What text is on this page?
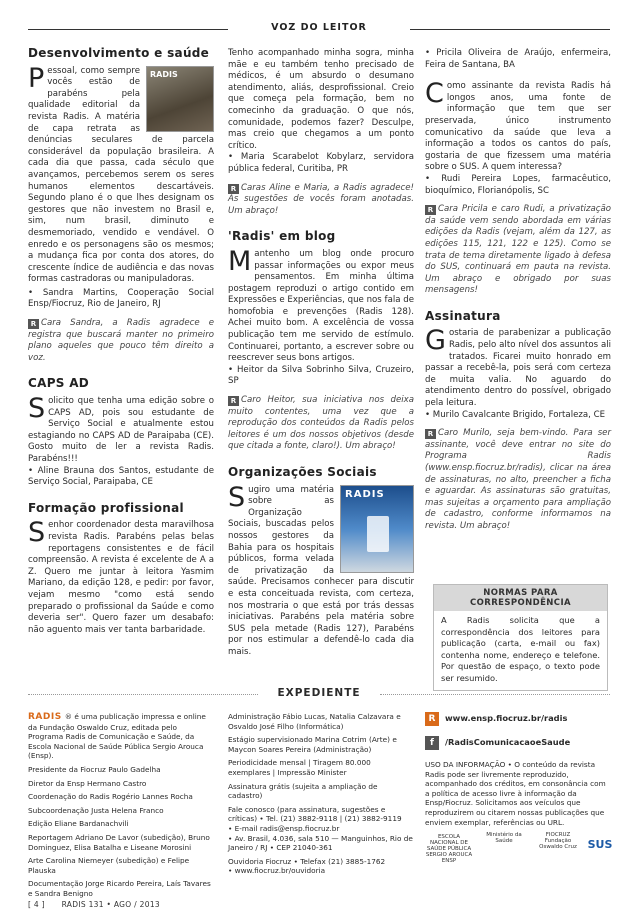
VOZ DO LEITOR
Desenvolvimento e saúde
RADIS
P essoal, como sempre vocês estão de parabéns pela qualidade editorial da revista Radis. A matéria de capa retrata as denúncias seculares de parcela considerável da população brasileira. A cada dia que passa, cada século que avançamos, percebemos serem os seres humanos elementos descartáveis. Segundo plano é o que lhes designam os gestores que não investem no Brasil e, sim, num brasil, diminuto e desmemoriado, vendido e vendável. O enredo e os personagens são os mesmos; a mudança fica por conta dos atores, do crescente índice de audiência e das novas formas castradoras ou manipuladoras.
• Sandra Martins, Cooperação Social Ensp/Fiocruz, Rio de Janeiro, RJ
R Cara Sandra, a Radis agradece e registra que buscará manter no primeiro plano aqueles que pouco têm direito a voz.
CAPS AD
S olicito que tenha uma edição sobre o CAPS AD, pois sou estudante de Serviço Social e atualmente estou estagiando no CAPS AD de Paraipaba (CE). Gosto muito de ler a revista Radis. Parabéns!!!
• Aline Brauna dos Santos, estudante de Serviço Social, Paraipaba, CE
Formação profissional
S enhor coordenador desta maravilhosa revista Radis. Parabéns pelas belas reportagens consistentes e de fácil compreensão. A revista é excelente de A a Z. Quero me juntar à leitora Yasmim Mariano, da edição 128, e pedir: por favor, vejam mesmo "como está sendo preparado o profissional da Saúde e como deveria ser". Quero fazer um desabafo: não aguento mais ver tanta barbaridade.
Tenho acompanhado minha sogra, minha mãe e eu também tenho precisado de médicos, é um absurdo o desumano atendimento, aliás, desprofissional. Creio que começa pela formação, bem no comecinho da graduação. O que nós, comunidade, podemos fazer? Desculpe, mas creio que chegamos a um ponto crítico.
• Maria Scarabelot Kobylarz, servidora pública federal, Curitiba, PR
R Caras Aline e Maria, a Radis agradece! As sugestões de vocês foram anotadas. Um abraço!
'Radis' em blog
M antenho um blog onde procuro passar informações ou expor meus pensamentos. Em minha última postagem reproduzi o artigo contido em Expressões e Experiências, que nos fala de homofobia e prevenções (Radis 128). Achei muito bom. A excelência de vossa publicação tem me servido de estímulo. Continuarei, portanto, a escrever sobre ou reescrever seus bons artigos.
• Heitor da Silva Sobrinho Silva, Cruzeiro, SP
R Caro Heitor, sua iniciativa nos deixa muito contentes, uma vez que a reprodução dos conteúdos da Radis pelos leitores é um dos nossos objetivos (desde que citada a fonte, claro!). Um abraço!
Organizações Sociais
RADIS
S ugiro uma matéria sobre as Organização Sociais, buscadas pelos nossos gestores da Bahia para os hospitais públicos, forma velada de privatização da saúde. Precisamos conhecer para discutir e esta conceituada revista, com certeza, nos mostraria o que está por trás dessas iniciativas. Parabéns pela matéria sobre SUS pela metade (Radis 127), Parabéns por nos estimular a defendê-lo cada dia mais.
• Pricila Oliveira de Araújo, enfermeira, Feira de Santana, BA
Como assinante da revista Radis há longos anos, uma fonte de informação que tem que ser preservada, único instrumento comunicativo da saúde que leva a informação a todos os cantos do país, gostaria de que fizessem uma matéria sobre o SUS. A quem interessa?
• Rudi Pereira Lopes, farmacêutico, bioquímico, Florianópolis, SC
R Cara Pricila e caro Rudi, a privatização da saúde vem sendo abordada em várias edições da Radis (vejam, além da 127, as edições 115, 121, 122 e 125). Como se trata de tema diretamente ligado à defesa do SUS, continuará em pauta na revista. Um abraço e obrigado por suas mensagens!
Assinatura
G ostaria de parabenizar a publicação Radis, pelo alto nível dos assuntos ali tratados. Ficarei muito honrado em passar a recebê-la, pois será com certeza de muita valia. No aguardo do atendimento dentro do possível, obrigado pela leitura.
• Murilo Cavalcante Brigido, Fortaleza, CE
R Caro Murilo, seja bem-vindo. Para ser assinante, você deve entrar no site do Programa Radis (www.ensp.fiocruz.br/radis), clicar na área de assinaturas, no alto, preencher a ficha e aguardar. As assinaturas são gratuitas, mas sujeitas a orçamento para ampliação de cadastro, conforme informamos na revista. Um abraço!
NORMAS PARA CORRESPONDÊNCIA
A Radis solicita que a correspondência dos leitores para publicação (carta, e-mail ou fax) contenha nome, endereço e telefone. Por questão de espaço, o texto pode ser resumido.
EXPEDIENTE
RADIS ® é uma publicação impressa e online da Fundação Oswaldo Cruz, editada pelo Programa Radis de Comunicação e Saúde, da Escola Nacional de Saúde Pública Sergio Arouca (Ensp).
Presidente da Fiocruz Paulo Gadelha
Diretor da Ensp Hermano Castro
Coordenação do Radis Rogério Lannes Rocha
Subcoordenação Justa Helena Franco
Edição Eliane Bardanachvili
Reportagem Adriano De Lavor (subedição), Bruno Dominguez, Elisa Batalha e Liseane Morosini
Arte Carolina Niemeyer (subedição) e Felipe Plauska
Documentação Jorge Ricardo Pereira, Laís Tavares e Sandra Benigno
Administração Fábio Lucas, Natalia Calzavara e Osvaldo José Filho (Informática)
Estágio supervisionado Marina Cotrim (Arte) e Maycon Soares Pereira (Administração)
Periodicidade mensal | Tiragem 80.000 exemplares | Impressão Minister
Assinatura grátis (sujeita a ampliação de cadastro)
Fale conosco (para assinatura, sugestões e críticas) • Tel. (21) 3882-9118 | (21) 3882-9119
• E-mail radis@ensp.fiocruz.br
• Av. Brasil, 4.036, sala 510 — Manguinhos, Rio de Janeiro / RJ • CEP 21040-361
Ouvidoria Fiocruz • Telefax (21) 3885-1762
• www.fiocruz.br/ouvidoria
R	www.ensp.fiocruz.br/radis
f	/RadisComunicacaoeSaude
USO DA INFORMAÇÃO • O conteúdo da revista Radis pode ser livremente reproduzido, acompanhado dos créditos, em consonância com a política de acesso livre à informação da Ensp/Fiocruz. Solicitamos aos veículos que reproduzirem ou citarem nossas publicações que enviem exemplar, referências ou URL.
ESCOLA NACIONAL DE SAÚDE PÚBLICA SERGIO AROUCA ENSP
Ministério da Saúde
FIOCRUZ Fundação Oswaldo Cruz SUS
[ 4 ] RADIS 131 • AGO / 2013
